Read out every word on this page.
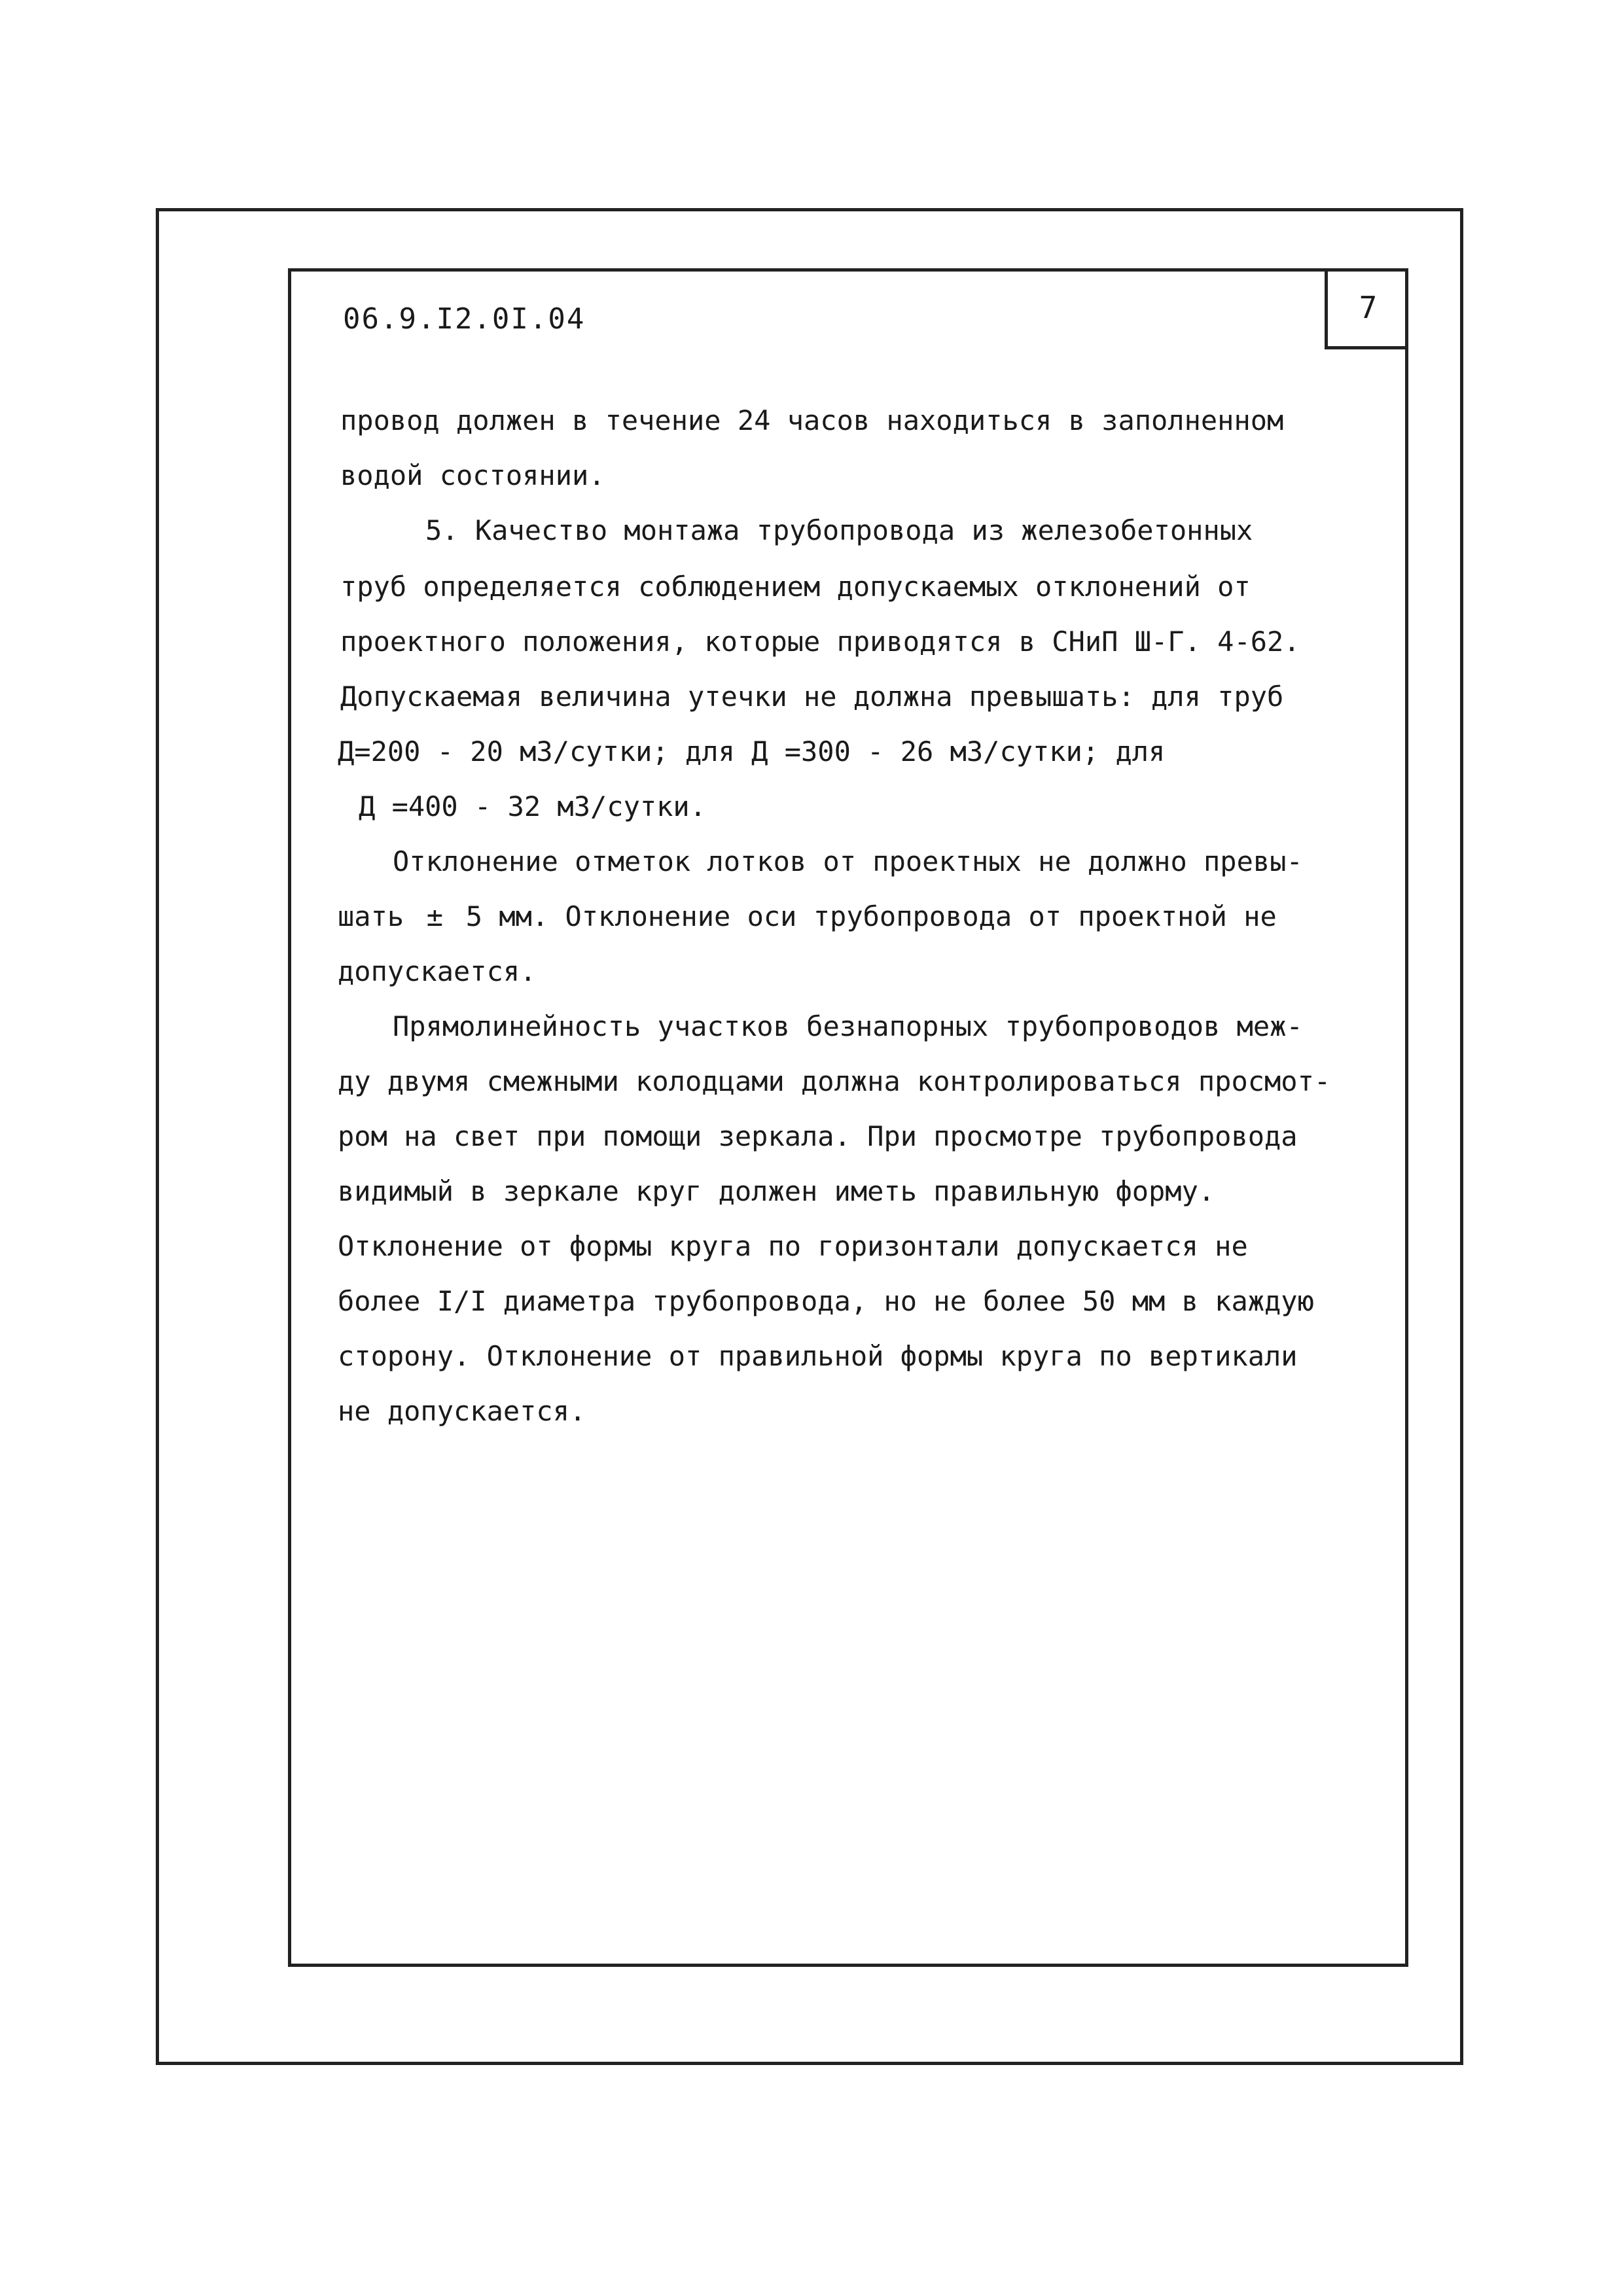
7
06.9.I2.0I.04
провод должен в течение 24 часов находиться в заполненном
водой состоянии.
5. Качество монтажа трубопровода из железобетонных
труб определяется соблюдением допускаемых отклонений от
проектного положения, которые приводятся в СНиП Ш-Г. 4-62.
Допускаемая величина утечки не должна превышать: для труб
Д=200 - 20 м3/сутки; для Д =300 - 26 м3/сутки; для
Д =400 - 32 м3/сутки.
Отклонение отметок лотков от проектных не должно превы-
шать ± 5 мм. Отклонение оси трубопровода от проектной не
допускается.
Прямолинейность участков безнапорных трубопроводов меж-
ду двумя смежными колодцами должна контролироваться просмот-
ром на свет при помощи зеркала. При просмотре трубопровода
видимый в зеркале круг должен иметь правильную форму.
Отклонение от формы круга по горизонтали допускается не
более I/I диаметра трубопровода, но не более 50 мм в каждую
сторону. Отклонение от правильной формы круга по вертикали
не допускается.
